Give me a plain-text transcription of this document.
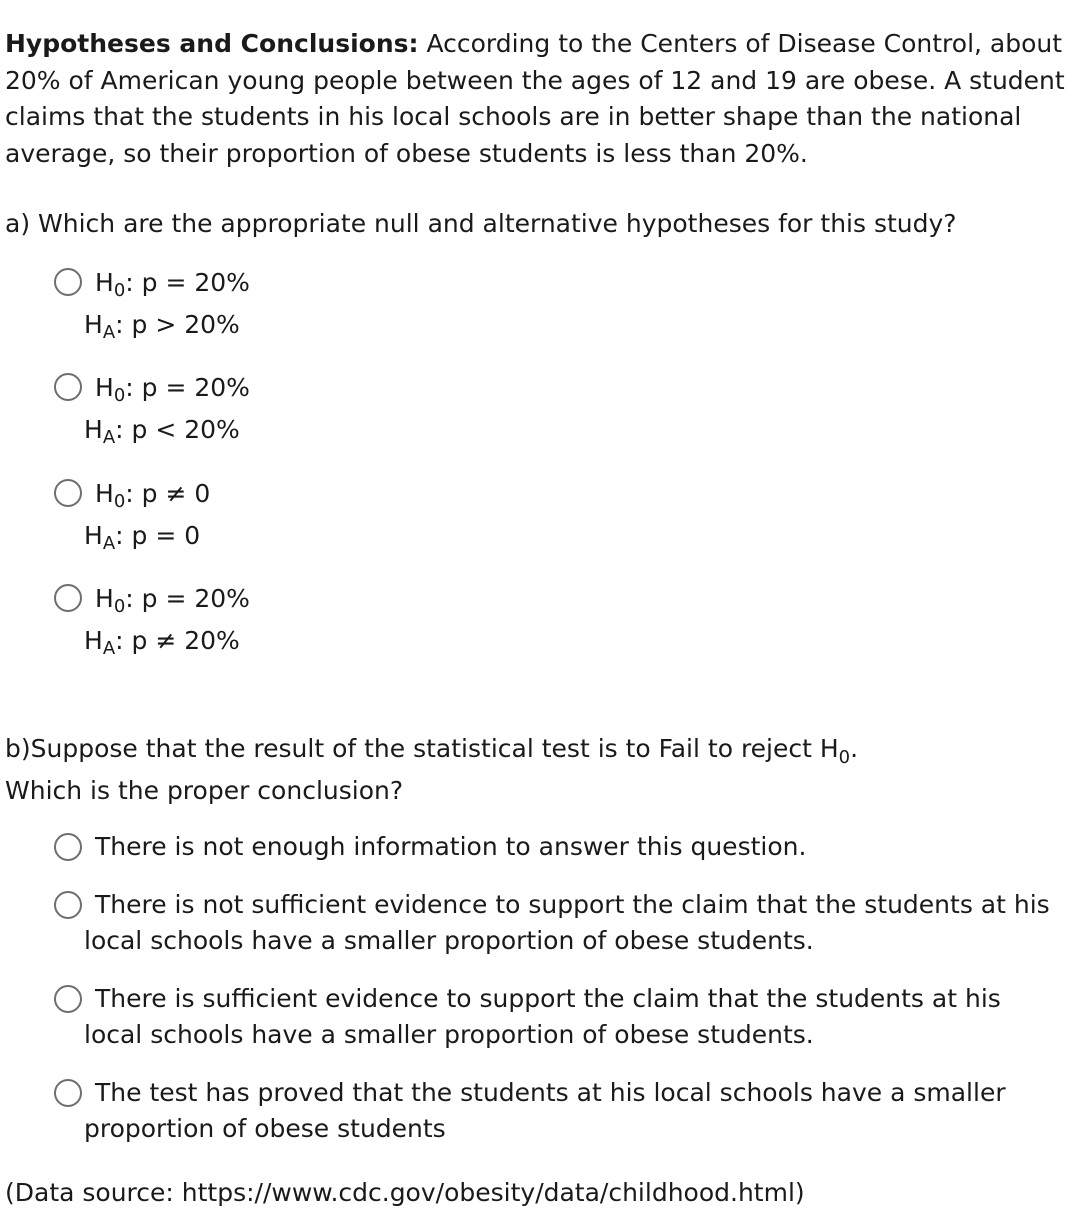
Hypotheses and Conclusions: According to the Centers of Disease Control, about
20% of American young people between the ages of 12 and 19 are obese. A student
claims that the students in his local schools are in better shape than the national
average, so their proportion of obese students is less than 20%.
a) Which are the appropriate null and alternative hypotheses for this study?
$H_0$: p = 20%
$H_A$: p > 20%
$H_0$: p = 20%
$H_A$: p < 20%
$H_0$: p ≠ 0
$H_A$: p = 0
$H_0$: p = 20%
$H_A$: p ≠ 20%
b)Suppose that the result of the statistical test is to Fail to reject $H_0$.
Which is the proper conclusion?
There is not enough information to answer this question.
There is not sufficient evidence to support the claim that the students at his
local schools have a smaller proportion of obese students.
There is sufficient evidence to support the claim that the students at his
local schools have a smaller proportion of obese students.
The test has proved that the students at his local schools have a smaller
proportion of obese students
(Data source: https://www.cdc.gov/obesity/data/childhood.html)
